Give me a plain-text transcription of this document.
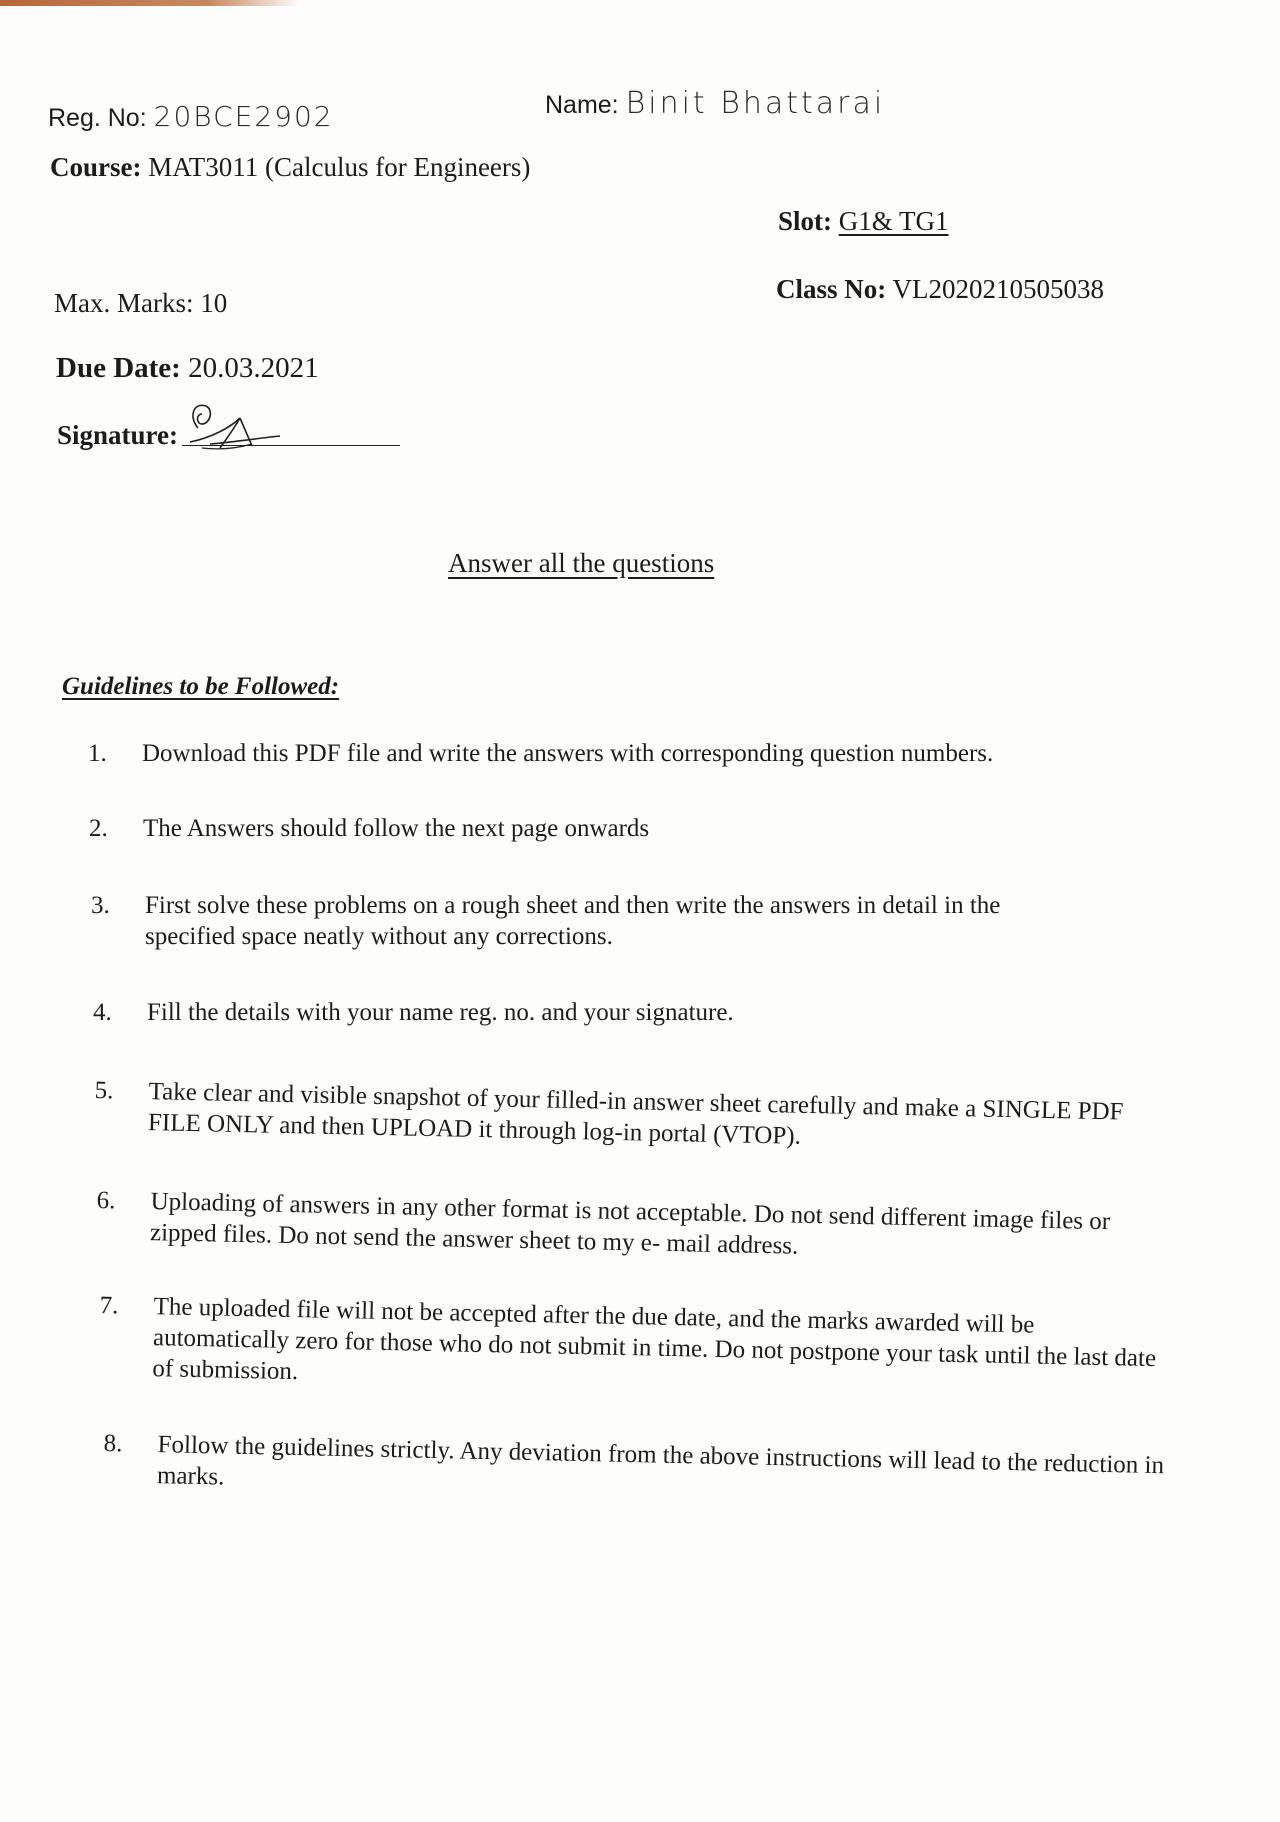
Reg. No: 20BCE2902	Name: Binit Bhattarai
Course: MAT3011 (Calculus for Engineers)
Slot: G1& TG1
Max. Marks: 10	Class No: VL2020210505038
Due Date: 20.03.2021
Signature:
Answer all the questions
Guidelines to be Followed:
1. Download this PDF file and write the answers with corresponding question numbers.
2. The Answers should follow the next page onwards
3. First solve these problems on a rough sheet and then write the answers in detail in the specified space neatly without any corrections.
4. Fill the details with your name reg. no. and your signature.
5. Take clear and visible snapshot of your filled-in answer sheet carefully and make a SINGLE PDF FILE ONLY and then UPLOAD it through log-in portal (VTOP).
6. Uploading of answers in any other format is not acceptable. Do not send different image files or zipped files. Do not send the answer sheet to my e- mail address.
7. The uploaded file will not be accepted after the due date, and the marks awarded will be automatically zero for those who do not submit in time. Do not postpone your task until the last date of submission.
8. Follow the guidelines strictly. Any deviation from the above instructions will lead to the reduction in marks.
